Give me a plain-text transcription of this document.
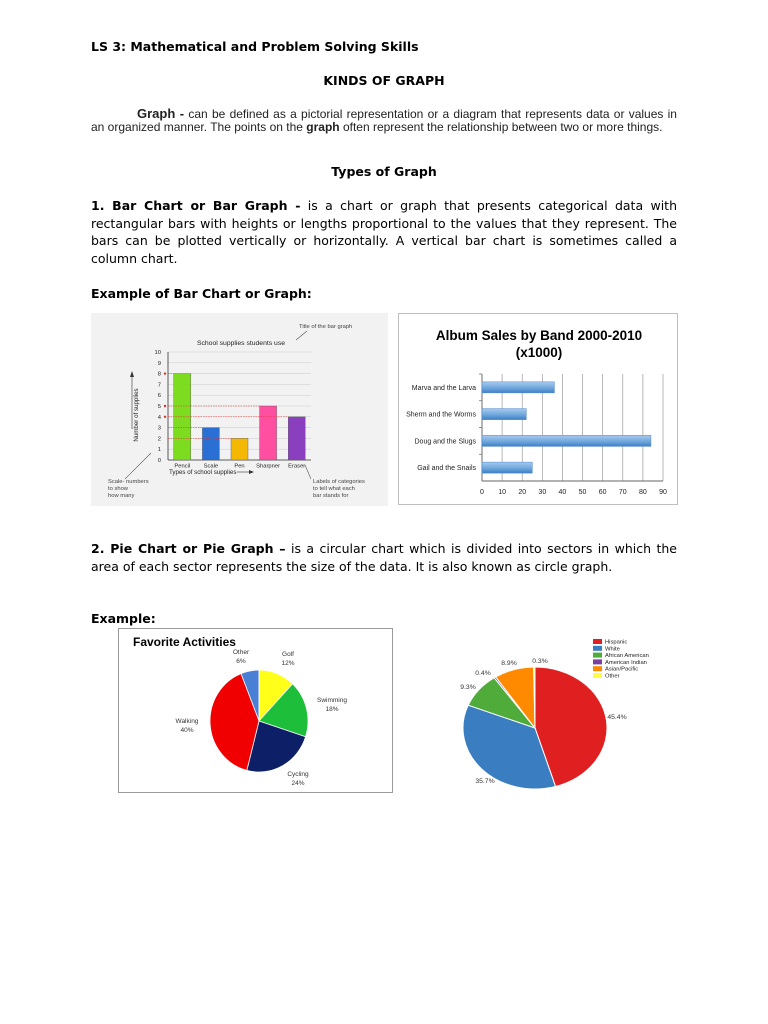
LS 3: Mathematical and Problem Solving Skills
KINDS OF GRAPH
Graph - can be defined as a pictorial representation or a diagram that represents data or values in an organized manner. The points on the graph often represent the relationship between two or more things.
Types of Graph
1. Bar Chart or Bar Graph - is a chart or graph that presents categorical data with rectangular bars with heights or lengths proportional to the values that they represent. The bars can be plotted vertically or horizontally. A vertical bar chart is sometimes called a column chart.
Example of Bar Chart or Graph:
School supplies students use
Title of the bar graph
Number of supplies
Types of school supplies
Scale- numbers
to show
how many
Labels of categories
to tell what each
bar stands for
0
1
2
3
4
5
6
7
8
9
10
Pencil Scale	Pen Sharpner Eraser
Album Sales by Band 2000-2010
(x1000)
0 10 20 30 40 50 60 70 80 90
Marva and the Larva
Sherm and the Worms
Doug and the Slugs
Gail and the Snails
2. Pie Chart or Pie Graph – is a circular chart which is divided into sectors in which the area of each sector represents the size of the data. It is also known as circle graph.
Example:
Favorite Activities
Other
6%
Golf
12%
Swimming
18%
Cycling
24%
Walking
40%
45.4%
35.7%
9.3%
0.4%
8.9% 0.3%
Hispanic
White
African American
American Indian
Asian/Pacific
Other
